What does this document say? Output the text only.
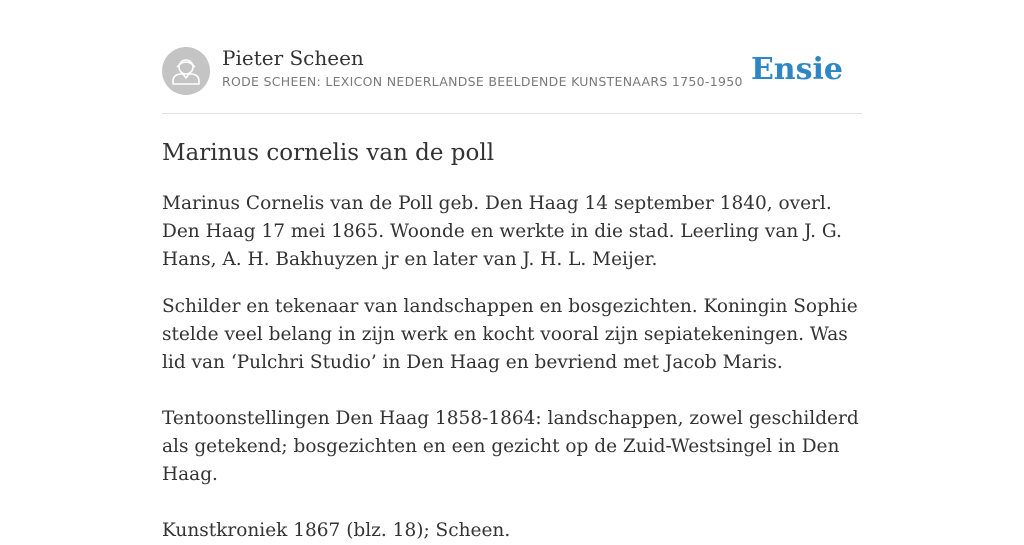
Pieter Scheen
RODE SCHEEN: LEXICON NEDERLANDSE BEELDENDE KUNSTENAARS 1750-1950 Ensie
Marinus cornelis van de poll

Marinus Cornelis van de Poll geb. Den Haag 14 september 1840, overl. Den Haag 17 mei 1865. Woonde en werkte in die stad. Leerling van J. G. Hans, A. H. Bakhuyzen jr en later van J. H. L. Meijer.

Schilder en tekenaar van landschappen en bosgezichten. Koningin Sophie stelde veel belang in zijn werk en kocht vooral zijn sepiatekeningen. Was lid van ‘Pulchri Studio’ in Den Haag en bevriend met Jacob Maris.

Tentoonstellingen Den Haag 1858-1864: landschappen, zowel geschilderd als getekend; bosgezichten en een gezicht op de Zuid-Westsingel in Den Haag.

Kunstkroniek 1867 (blz. 18); Scheen.
